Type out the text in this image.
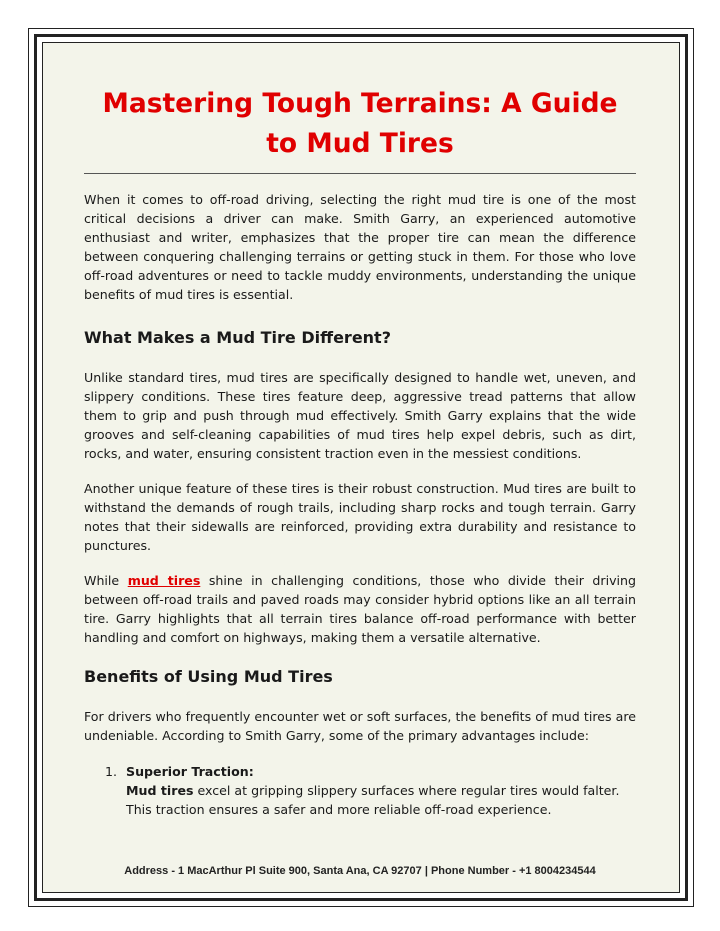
Mastering Tough Terrains: A Guide to Mud Tires

When it comes to off-road driving, selecting the right mud tire is one of the most critical decisions a driver can make. Smith Garry, an experienced automotive enthusiast and writer, emphasizes that the proper tire can mean the difference between conquering challenging terrains or getting stuck in them. For those who love off-road adventures or need to tackle muddy environments, understanding the unique benefits of mud tires is essential.

What Makes a Mud Tire Different?

Unlike standard tires, mud tires are specifically designed to handle wet, uneven, and slippery conditions. These tires feature deep, aggressive tread patterns that allow them to grip and push through mud effectively. Smith Garry explains that the wide grooves and self-cleaning capabilities of mud tires help expel debris, such as dirt, rocks, and water, ensuring consistent traction even in the messiest conditions.

Another unique feature of these tires is their robust construction. Mud tires are built to withstand the demands of rough trails, including sharp rocks and tough terrain. Garry notes that their sidewalls are reinforced, providing extra durability and resistance to punctures.

While mud tires shine in challenging conditions, those who divide their driving between off-road trails and paved roads may consider hybrid options like an all terrain tire. Garry highlights that all terrain tires balance off-road performance with better handling and comfort on highways, making them a versatile alternative.

Benefits of Using Mud Tires

For drivers who frequently encounter wet or soft surfaces, the benefits of mud tires are undeniable. According to Smith Garry, some of the primary advantages include:

1. Superior Traction:
Mud tires excel at gripping slippery surfaces where regular tires would falter. This traction ensures a safer and more reliable off-road experience.
Address - 1 MacArthur Pl Suite 900, Santa Ana, CA 92707 | Phone Number - +1 8004234544
